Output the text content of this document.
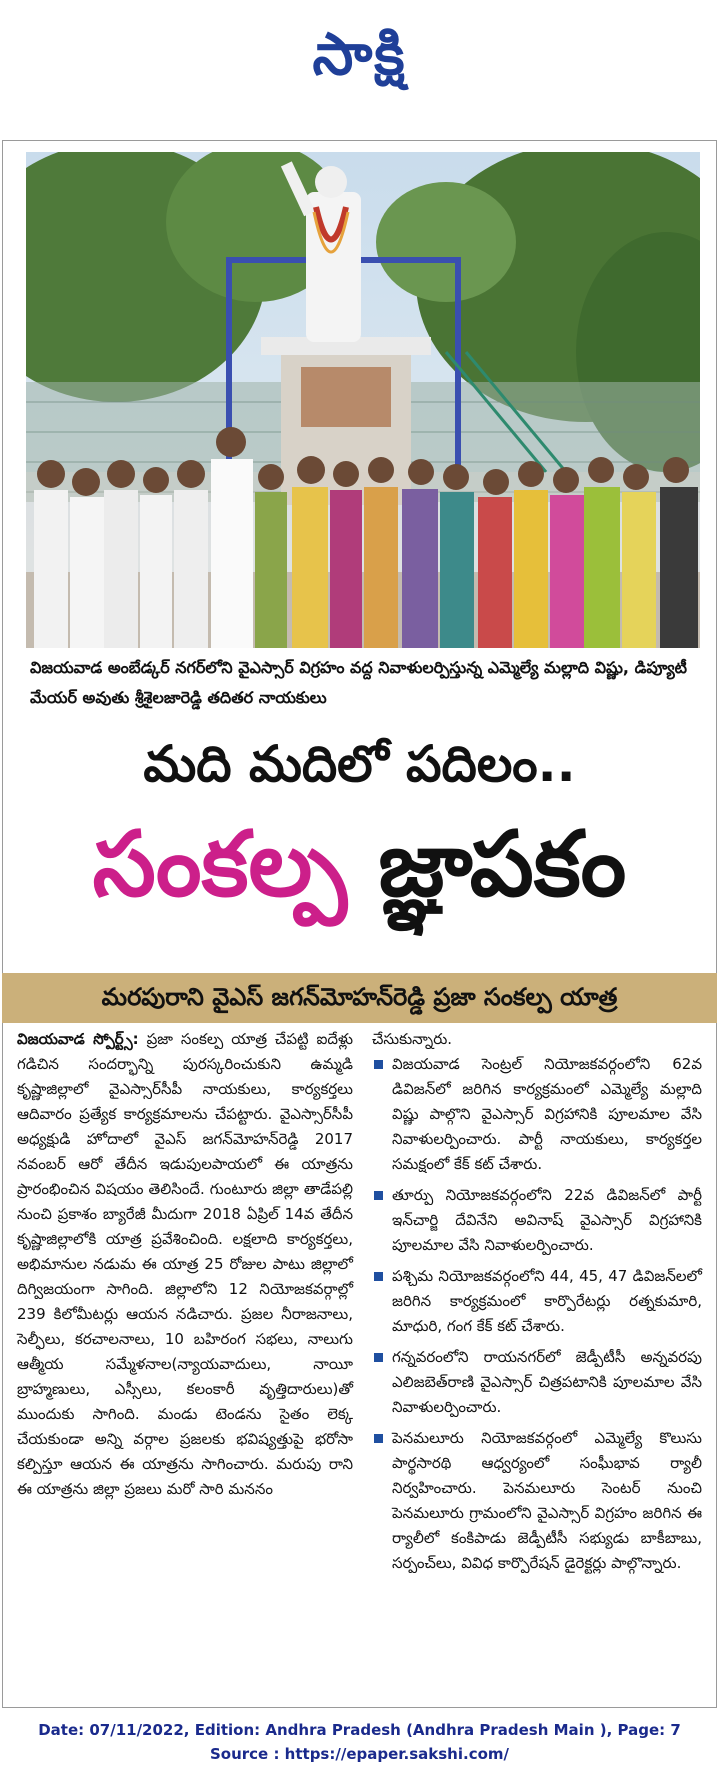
సాక్షి
విజయవాడ అంబేడ్కర్ నగర్‌లోని వైఎస్సార్ విగ్రహం వద్ద నివాళులర్పిస్తున్న ఎమ్మెల్యే మల్లాది విష్ణు, డిప్యూటీ మేయర్ అవుతు శ్రీశైలజారెడ్డి తదితర నాయకులు
మది మదిలో పదిలం..
సంకల్ప జ్ఞాపకం
మరపురాని వైఎస్ జగన్‌మోహన్‌రెడ్డి ప్రజా సంకల్ప యాత్ర

విజయవాడ స్పోర్ట్స్: ప్రజా సంకల్ప యాత్ర చేపట్టి ఐదేళ్లు గడిచిన సందర్భాన్ని పురస్కరించుకుని ఉమ్మడి కృష్ణాజిల్లాలో వైఎస్సార్‌సీపీ నాయకులు, కార్యకర్తలు ఆదివారం ప్రత్యేక కార్యక్రమాలను చేపట్టారు. వైఎస్సార్‌సీపీ అధ్యక్షుడి హోదాలో వైఎస్ జగన్‌మోహన్‌రెడ్డి 2017 నవంబర్ ఆరో తేదీన ఇడుపులపాయలో ఈ యాత్రను ప్రారంభించిన విషయం తెలిసిందే. గుంటూరు జిల్లా తాడేపల్లి నుంచి ప్రకాశం బ్యారేజీ మీదుగా 2018 ఏప్రిల్ 14వ తేదీన కృష్ణాజిల్లాలోకి యాత్ర ప్రవేశించింది. లక్షలాది కార్యకర్తలు, అభిమానుల నడుమ ఈ యాత్ర 25 రోజుల పాటు జిల్లాలో దిగ్విజయంగా సాగింది. జిల్లాలోని 12 నియోజకవర్గాల్లో 239 కిలోమీటర్లు ఆయన నడిచారు. ప్రజల నీరాజనాలు, సెల్ఫీలు, కరచాలనాలు, 10 బహిరంగ సభలు, నాలుగు ఆత్మీయ సమ్మేళనాల(న్యాయవాదులు, నాయీ బ్రాహ్మణులు, ఎస్సీలు, కలంకారీ వృత్తిదారులు)తో ముందుకు సాగింది. మండు టెండను సైతం లెక్క చేయకుండా అన్ని వర్గాల ప్రజలకు భవిష్యత్తుపై భరోసా కల్పిస్తూ ఆయన ఈ యాత్రను సాగించారు. మరుపు రాని ఈ యాత్రను జిల్లా ప్రజలు మరో సారి మననం

చేసుకున్నారు.

విజయవాడ సెంట్రల్ నియోజకవర్గంలోని 62వ డివిజన్‌లో జరిగిన కార్యక్రమంలో ఎమ్మెల్యే మల్లాది విష్ణు పాల్గొని వైఎస్సార్ విగ్రహానికి పూలమాల వేసి నివాళులర్పించారు. పార్టీ నాయకులు, కార్యకర్తల సమక్షంలో కేక్ కట్ చేశారు.
తూర్పు నియోజకవర్గంలోని 22వ డివిజన్‌లో పార్టీ ఇన్‌చార్జి దేవినేని అవినాష్ వైఎస్సార్ విగ్రహానికి పూలమాల వేసి నివాళులర్పించారు.
పశ్చిమ నియోజకవర్గంలోని 44, 45, 47 డివిజన్‌లలో జరిగిన కార్యక్రమంలో కార్పొరేటర్లు రత్నకుమారి, మాధురి, గంగ కేక్ కట్ చేశారు.
గన్నవరంలోని రాయనగర్‌లో జెడ్పీటీసీ అన్నవరపు ఎలిజబెత్‌రాణి వైఎస్సార్ చిత్రపటానికి పూలమాల వేసి నివాళులర్పించారు.
పెనమలూరు నియోజకవర్గంలో ఎమ్మెల్యే కొలుసు పార్థసారథి ఆధ్వర్యంలో సంఘీభావ ర్యాలీ నిర్వహించారు. పెనమలూరు సెంటర్ నుంచి పెనమలూరు గ్రామంలోని వైఎస్సార్ విగ్రహం జరిగిన ఈ ర్యాలీలో కంకిపాడు జెడ్పీటీసీ సభ్యుడు బాకీబాబు, సర్పంచ్‌లు, వివిధ కార్పొరేషన్ డైరెక్టర్లు పాల్గొన్నారు.
Date: 07/11/2022, Edition: Andhra Pradesh (Andhra Pradesh Main ), Page: 7
Source : https://epaper.sakshi.com/
